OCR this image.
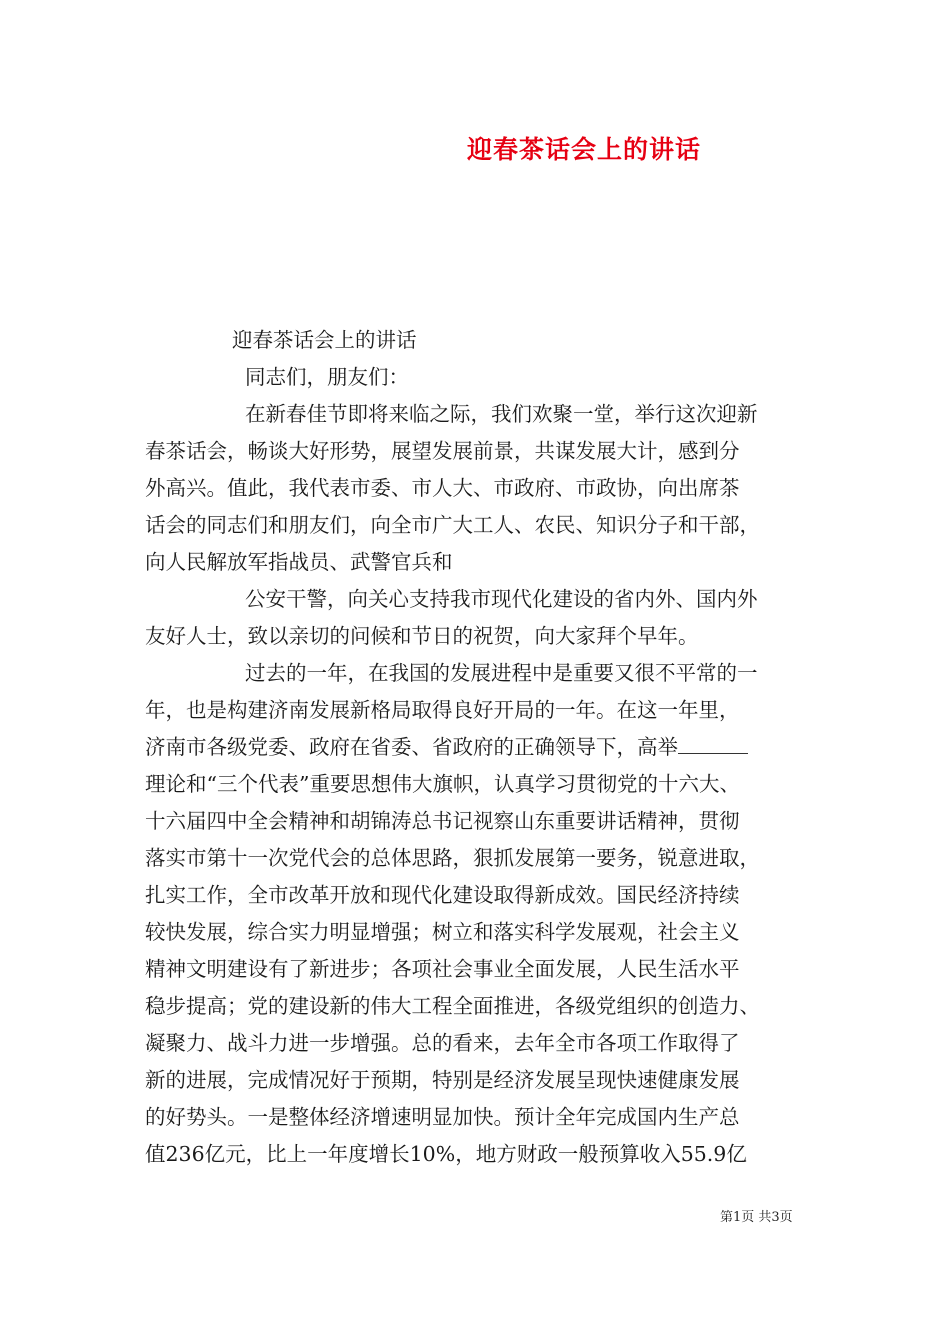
迎春茶话会上的讲话
迎春茶话会上的讲话
同志们，朋友们：

在新春佳节即将来临之际，我们欢聚一堂，举行这次迎新
春茶话会，畅谈大好形势，展望发展前景，共谋发展大计，感到分
外高兴。值此，我代表市委、市人大、市政府、市政协，向出席茶
话会的同志们和朋友们，向全市广大工人、农民、知识分子和干部，
向人民解放军指战员、武警官兵和

公安干警，向关心支持我市现代化建设的省内外、国内外
友好人士，致以亲切的问候和节日的祝贺，向大家拜个早年。

过去的一年，在我国的发展进程中是重要又很不平常的一
年，也是构建济南发展新格局取得良好开局的一年。在这一年里，
济南市各级党委、政府在省委、省政府的正确领导下，高举
理论和“三个代表”重要思想伟大旗帜，认真学习贯彻党的十六大、
十六届四中全会精神和胡锦涛总书记视察山东重要讲话精神，贯彻
落实市第十一次党代会的总体思路，狠抓发展第一要务，锐意进取，
扎实工作，全市改革开放和现代化建设取得新成效。国民经济持续
较快发展，综合实力明显增强；树立和落实科学发展观，社会主义
精神文明建设有了新进步；各项社会事业全面发展，人民生活水平
稳步提高；党的建设新的伟大工程全面推进，各级党组织的创造力、
凝聚力、战斗力进一步增强。总的看来，去年全市各项工作取得了
新的进展，完成情况好于预期，特别是经济发展呈现快速健康发展
的好势头。一是整体经济增速明显加快。预计全年完成国内生产总
值236亿元，比上一年度增长10%，地方财政一般预算收入55.9亿

第1页 共3页
